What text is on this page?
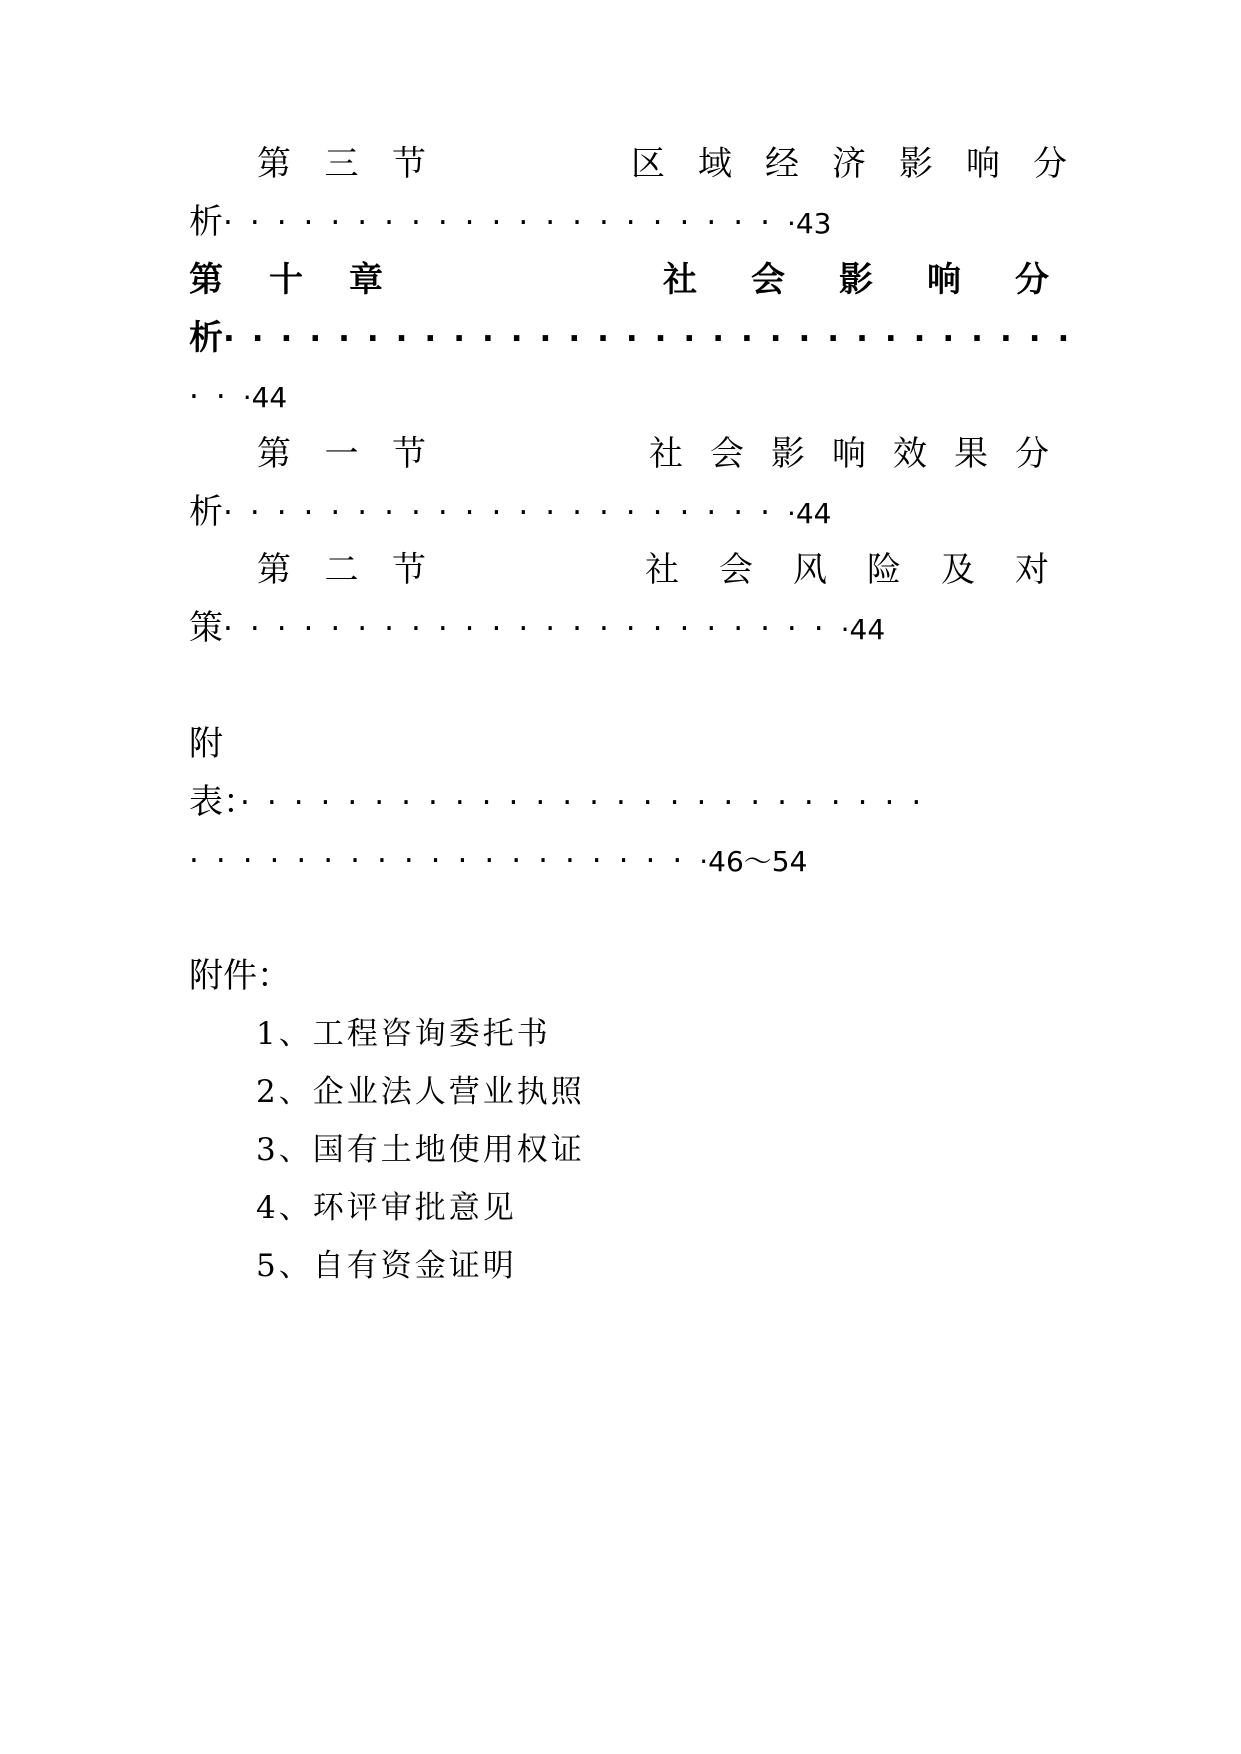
第 三 节	区域经济影响分
析······················43
第十章	社会影响分
析······························
···44
第 一 节	社会影响效果分
析······················44
第 二 节	社会风险及对
策························44
附
表：··························
····················46～54
附件：
1、工程咨询委托书
2、企业法人营业执照
3、国有土地使用权证
4、环评审批意见
5、自有资金证明
